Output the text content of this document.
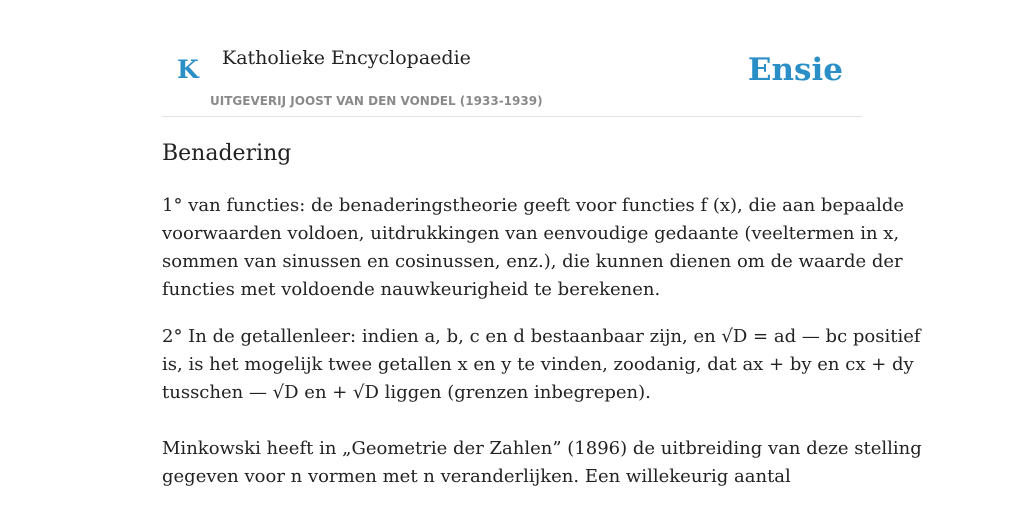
K Katholieke Encyclopaedie
UITGEVERIJ JOOST VAN DEN VONDEL (1933-1939)
Ensie
Benadering

1° van functies: de benaderingstheorie geeft voor functies f (x), die aan bepaalde
voorwaarden voldoen, uitdrukkingen van eenvoudige gedaante (veeltermen in x,
sommen van sinussen en cosinussen, enz.), die kunnen dienen om de waarde der
functies met voldoende nauwkeurigheid te berekenen.

2° In de getallenleer: indien a, b, c en d bestaanbaar zijn, en √D = ad — bc positief
is, is het mogelijk twee getallen x en y te vinden, zoodanig, dat ax + by en cx + dy
tusschen — √D en + √D liggen (grenzen inbegrepen).

Minkowski heeft in „Geometrie der Zahlen” (1896) de uitbreiding van deze stelling
gegeven voor n vormen met n veranderlijken. Een willekeurig aantal
